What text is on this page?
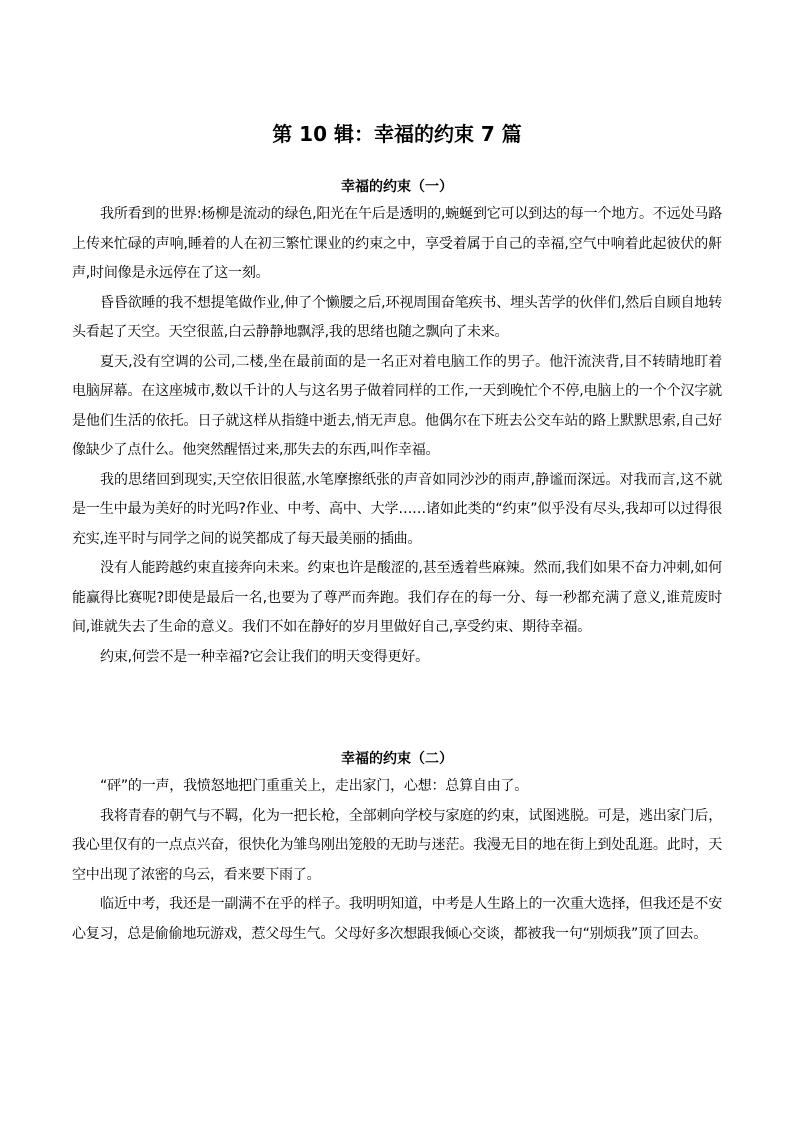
第 10 辑：幸福的约束 7 篇
幸福的约束（一）

我所看到的世界:杨柳是流动的绿色,阳光在午后是透明的,蜿蜒到它可以到达的每一个地方。不远处马路上传来忙碌的声响,睡着的人在初三繁忙课业的约束之中，享受着属于自己的幸福,空气中响着此起彼伏的鼾声,时间像是永远停在了这一刻。

昏昏欲睡的我不想提笔做作业,伸了个懒腰之后,环视周围奋笔疾书、埋头苦学的伙伴们,然后自顾自地转头看起了天空。天空很蓝,白云静静地飘浮,我的思绪也随之飘向了未来。

夏天,没有空调的公司,二楼,坐在最前面的是一名正对着电脑工作的男子。他汗流浃背,目不转睛地盯着电脑屏幕。在这座城市,数以千计的人与这名男子做着同样的工作,一天到晚忙个不停,电脑上的一个个汉字就是他们生活的依托。日子就这样从指缝中逝去,悄无声息。他偶尔在下班去公交车站的路上默默思索,自己好像缺少了点什么。他突然醒悟过来,那失去的东西,叫作幸福。

我的思绪回到现实,天空依旧很蓝,水笔摩擦纸张的声音如同沙沙的雨声,静谧而深远。对我而言,这不就是一生中最为美好的时光吗?作业、中考、高中、大学……诸如此类的“约束”似乎没有尽头,我却可以过得很充实,连平时与同学之间的说笑都成了每天最美丽的插曲。

没有人能跨越约束直接奔向未来。约束也许是酸涩的,甚至透着些麻辣。然而,我们如果不奋力冲刺,如何能赢得比赛呢?即使是最后一名,也要为了尊严而奔跑。我们存在的每一分、每一秒都充满了意义,谁荒废时间,谁就失去了生命的意义。我们不如在静好的岁月里做好自己,享受约束、期待幸福。

约束,何尝不是一种幸福?它会让我们的明天变得更好。

幸福的约束（二）

“砰”的一声，我愤怒地把门重重关上，走出家门，心想：总算自由了。

我将青春的朝气与不羁，化为一把长枪，全部刺向学校与家庭的约束，试图逃脱。可是，逃出家门后，我心里仅有的一点点兴奋，很快化为雏鸟刚出笼般的无助与迷茫。我漫无目的地在街上到处乱逛。此时，天空中出现了浓密的乌云，看来要下雨了。

临近中考，我还是一副满不在乎的样子。我明明知道，中考是人生路上的一次重大选择，但我还是不安心复习，总是偷偷地玩游戏，惹父母生气。父母好多次想跟我倾心交谈，都被我一句“别烦我”顶了回去。
